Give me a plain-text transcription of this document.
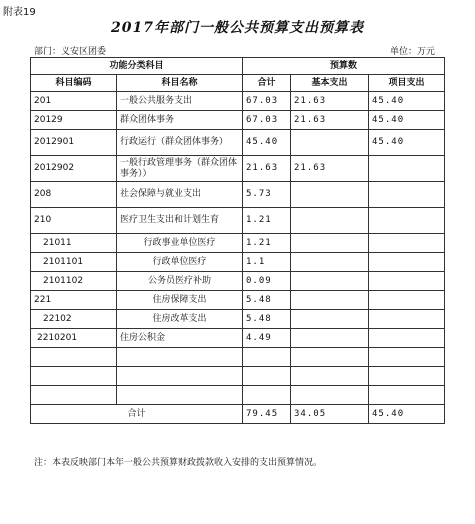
附表19
2017年部门一般公共预算支出预算表
部门：义安区团委	单位：万元
功能分类科目		预算数		
科目编码	科目名称	合计	基本支出	项目支出
201	一般公共服务支出	67.03	21.63	45.40
20129	群众团体事务	67.03	21.63	45.40
2012901	行政运行（群众团体事务）	45.40		45.40
2012902	一般行政管理事务（群众团体事务））	21.63	21.63	
208	社会保障与就业支出	5.73		
210	医疗卫生支出和计划生育	1.21		
21011	行政事业单位医疗	1.21		
2101101	行政单位医疗	1.1		
2101102	公务员医疗补助	0.09		
221	住房保障支出	5.48		
22102	住房改革支出	5.48		
2210201	住房公积金	4.49		

合计		79.45	34.05	45.40
注：本表反映部门本年一般公共预算财政拨款收入安排的支出预算情况。
